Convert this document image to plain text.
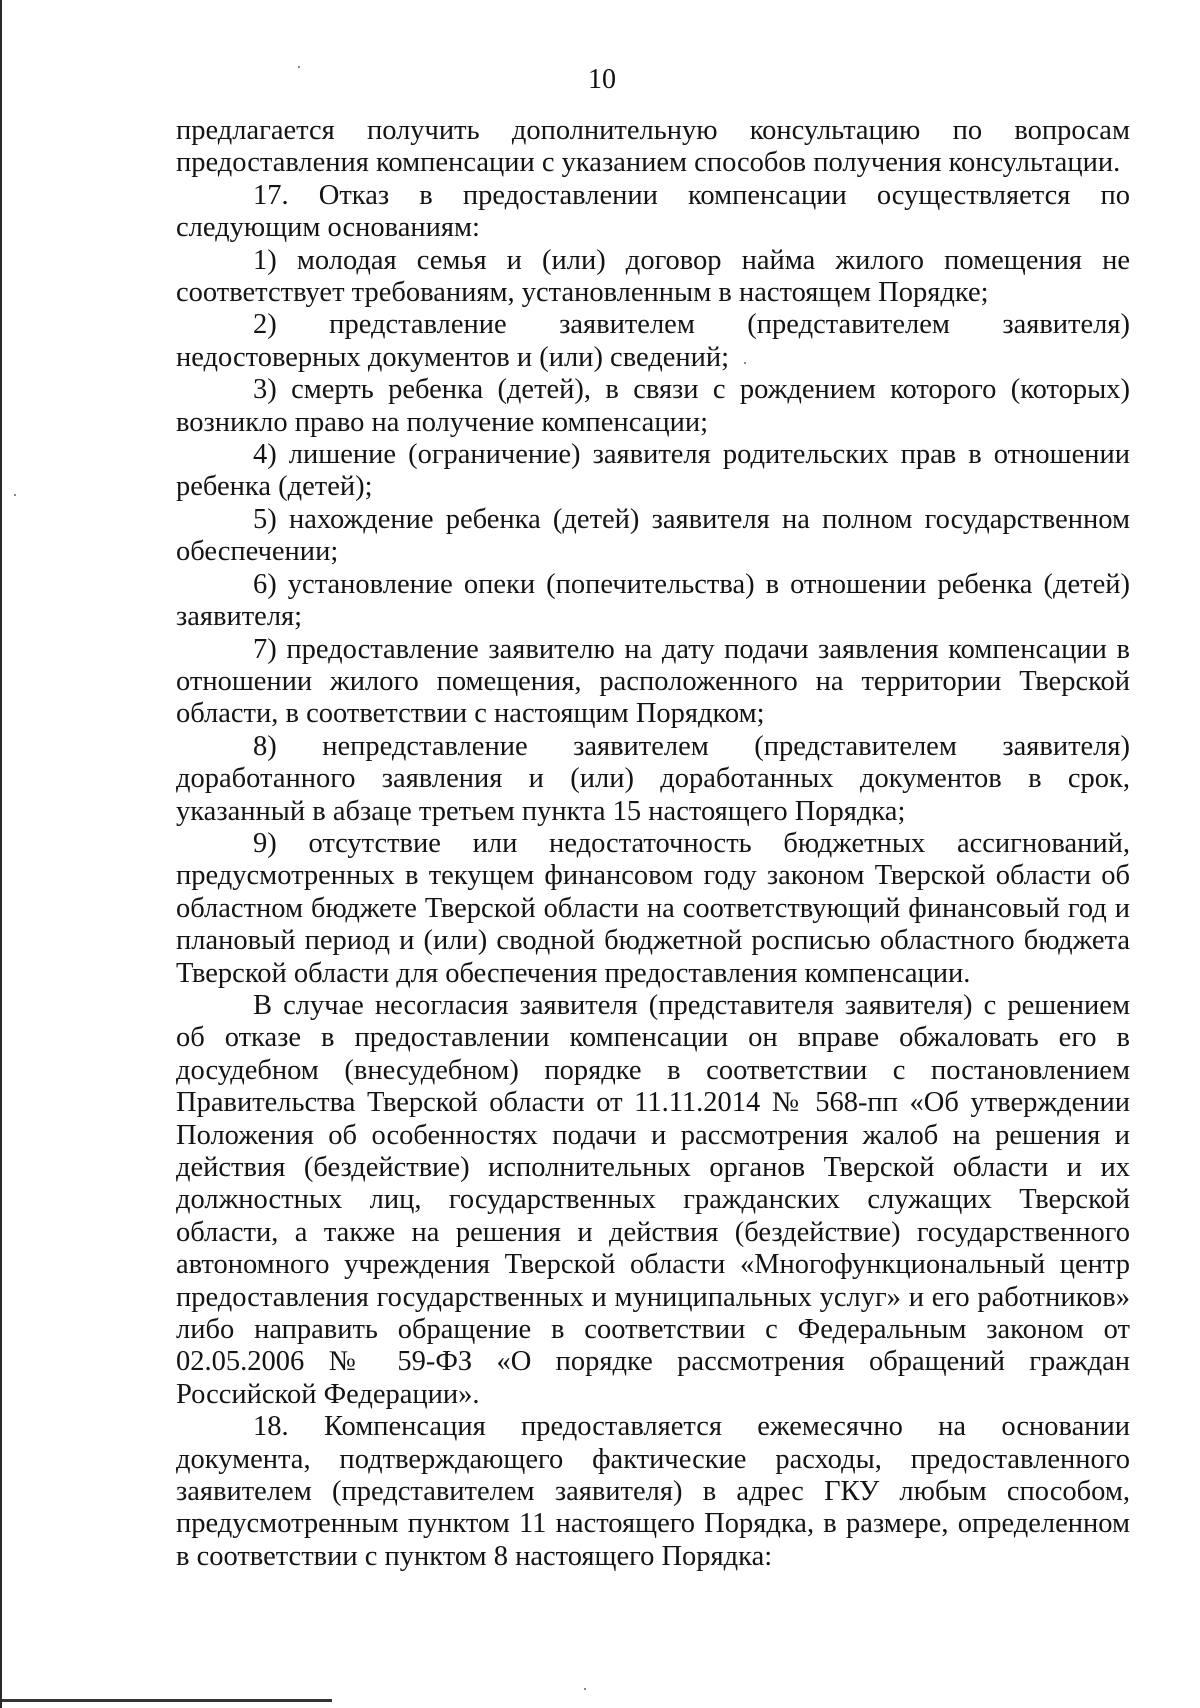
10

предлагается получить дополнительную консультацию по вопросам предоставления компенсации с указанием способов получения консультации.

17. Отказ в предоставлении компенсации осуществляется по следующим основаниям:

1) молодая семья и (или) договор найма жилого помещения не соответствует требованиям, установленным в настоящем Порядке;

2) представление заявителем (представителем заявителя) недостоверных документов и (или) сведений;

3) смерть ребенка (детей), в связи с рождением которого (которых) возникло право на получение компенсации;

4) лишение (ограничение) заявителя родительских прав в отношении ребенка (детей);

5) нахождение ребенка (детей) заявителя на полном государственном обеспечении;

6) установление опеки (попечительства) в отношении ребенка (детей) заявителя;

7) предоставление заявителю на дату подачи заявления компенсации в отношении жилого помещения, расположенного на территории Тверской области, в соответствии с настоящим Порядком;

8) непредставление заявителем (представителем заявителя) доработанного заявления и (или) доработанных документов в срок, указанный в абзаце третьем пункта 15 настоящего Порядка;

9) отсутствие или недостаточность бюджетных ассигнований, предусмотренных в текущем финансовом году законом Тверской области об областном бюджете Тверской области на соответствующий финансовый год и плановый период и (или) сводной бюджетной росписью областного бюджета Тверской области для обеспечения предоставления компенсации.

В случае несогласия заявителя (представителя заявителя) с решением об отказе в предоставлении компенсации он вправе обжаловать его в досудебном (внесудебном) порядке в соответствии с постановлением Правительства Тверской области от 11.11.2014 № 568-пп «Об утверждении Положения об особенностях подачи и рассмотрения жалоб на решения и действия (бездействие) исполнительных органов Тверской области и их должностных лиц, государственных гражданских служащих Тверской области, а также на решения и действия (бездействие) государственного автономного учреждения Тверской области «Многофункциональный центр предоставления государственных и муниципальных услуг» и его работников» либо направить обращение в соответствии с Федеральным законом от 02.05.2006 № 59-ФЗ «О порядке рассмотрения обращений граждан Российской Федерации».

18. Компенсация предоставляется ежемесячно на основании документа, подтверждающего фактические расходы, предоставленного заявителем (представителем заявителя) в адрес ГКУ любым способом, предусмотренным пунктом 11 настоящего Порядка, в размере, определенном в соответствии с пунктом 8 настоящего Порядка:
